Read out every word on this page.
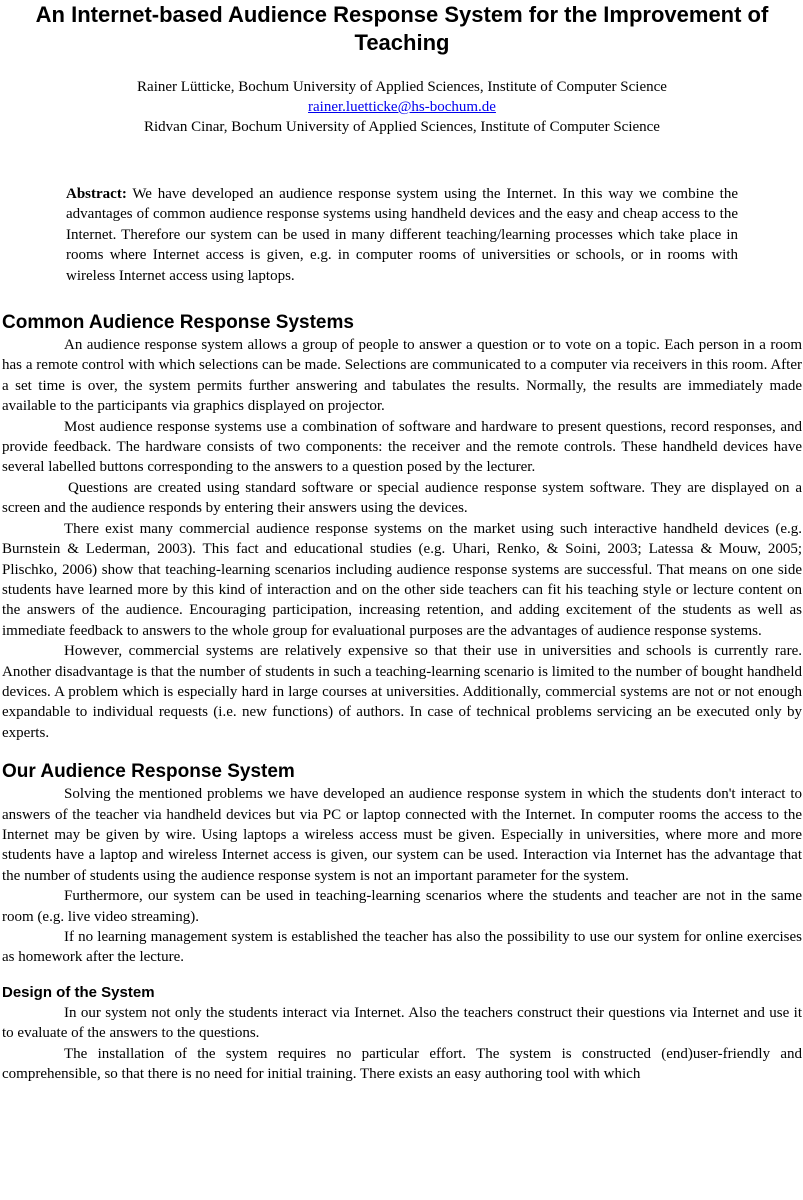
An Internet-based Audience Response System for the Improvement of Teaching
Rainer Lütticke, Bochum University of Applied Sciences, Institute of Computer Science
rainer.luetticke@hs-bochum.de
Ridvan Cinar, Bochum University of Applied Sciences, Institute of Computer Science
Abstract: We have developed an audience response system using the Internet. In this way we combine the advantages of common audience response systems using handheld devices and the easy and cheap access to the Internet. Therefore our system can be used in many different teaching/learning processes which take place in rooms where Internet access is given, e.g. in computer rooms of universities or schools, or in rooms with wireless Internet access using laptops.
Common Audience Response Systems

An audience response system allows a group of people to answer a question or to vote on a topic. Each person in a room has a remote control with which selections can be made. Selections are communicated to a computer via receivers in this room. After a set time is over, the system permits further answering and tabulates the results. Normally, the results are immediately made available to the participants via graphics displayed on projector.

Most audience response systems use a combination of software and hardware to present questions, record responses, and provide feedback. The hardware consists of two components: the receiver and the remote controls. These handheld devices have several labelled buttons corresponding to the answers to a question posed by the lecturer.

Questions are created using standard software or special audience response system software. They are displayed on a screen and the audience responds by entering their answers using the devices.

There exist many commercial audience response systems on the market using such interactive handheld devices (e.g. Burnstein & Lederman, 2003). This fact and educational studies (e.g. Uhari, Renko, & Soini, 2003; Latessa & Mouw, 2005; Plischko, 2006) show that teaching-learning scenarios including audience response systems are successful. That means on one side students have learned more by this kind of interaction and on the other side teachers can fit his teaching style or lecture content on the answers of the audience. Encouraging participation, increasing retention, and adding excitement of the students as well as immediate feedback to answers to the whole group for evaluational purposes are the advantages of audience response systems.

However, commercial systems are relatively expensive so that their use in universities and schools is currently rare. Another disadvantage is that the number of students in such a teaching-learning scenario is limited to the number of bought handheld devices. A problem which is especially hard in large courses at universities. Additionally, commercial systems are not or not enough expandable to individual requests (i.e. new functions) of authors. In case of technical problems servicing an be executed only by experts.

Our Audience Response System

Solving the mentioned problems we have developed an audience response system in which the students don't interact to answers of the teacher via handheld devices but via PC or laptop connected with the Internet. In computer rooms the access to the Internet may be given by wire. Using laptops a wireless access must be given. Especially in universities, where more and more students have a laptop and wireless Internet access is given, our system can be used. Interaction via Internet has the advantage that the number of students using the audience response system is not an important parameter for the system.

Furthermore, our system can be used in teaching-learning scenarios where the students and teacher are not in the same room (e.g. live video streaming).

If no learning management system is established the teacher has also the possibility to use our system for online exercises as homework after the lecture.

Design of the System

In our system not only the students interact via Internet. Also the teachers construct their questions via Internet and use it to evaluate of the answers to the questions.

The installation of the system requires no particular effort. The system is constructed (end)user-friendly and comprehensible, so that there is no need for initial training. There exists an easy authoring tool with which
